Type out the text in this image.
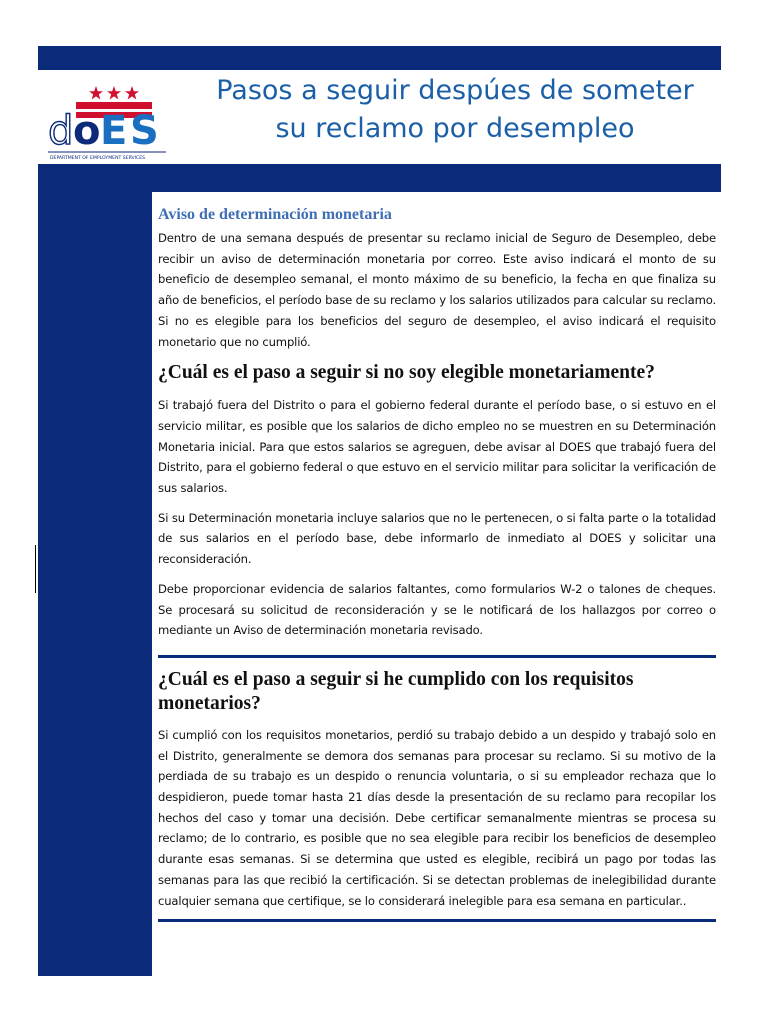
d o E S
DEPARTMENT OF EMPLOYMENT SERVICES
Pasos a seguir despúes de someter
su reclamo por desempleo
Aviso de determinación monetaria

Dentro de una semana después de presentar su reclamo inicial de Seguro de Desempleo, debe recibir un aviso de determinación monetaria por correo. Este aviso indicará el monto de su beneficio de desempleo semanal, el monto máximo de su beneficio, la fecha en que finaliza su año de beneficios, el período base de su reclamo y los salarios utilizados para calcular su reclamo. Si no es elegible para los beneficios del seguro de desempleo, el aviso indicará el requisito monetario que no cumplió.

¿Cuál es el paso a seguir si no soy elegible monetariamente?

Si trabajó fuera del Distrito o para el gobierno federal durante el período base, o si estuvo en el servicio militar, es posible que los salarios de dicho empleo no se muestren en su Determinación Monetaria inicial. Para que estos salarios se agreguen, debe avisar al DOES que trabajó fuera del Distrito, para el gobierno federal o que estuvo en el servicio militar para solicitar la verificación de sus salarios.

Si su Determinación monetaria incluye salarios que no le pertenecen, o si falta parte o la totalidad de sus salarios en el período base, debe informarlo de inmediato al DOES y solicitar una reconsideración.

Debe proporcionar evidencia de salarios faltantes, como formularios W-2 o talones de cheques. Se procesará su solicitud de reconsideración y se le notificará de los hallazgos por correo o mediante un Aviso de determinación monetaria revisado.

¿Cuál es el paso a seguir si he cumplido con los requisitos monetarios?

Si cumplió con los requisitos monetarios, perdió su trabajo debido a un despido y trabajó solo en el Distrito, generalmente se demora dos semanas para procesar su reclamo. Si su motivo de la perdiada de su trabajo es un despido o renuncia voluntaria, o si su empleador rechaza que lo despidieron, puede tomar hasta 21 días desde la presentación de su reclamo para recopilar los hechos del caso y tomar una decisión. Debe certificar semanalmente mientras se procesa su reclamo; de lo contrario, es posible que no sea elegible para recibir los beneficios de desempleo durante esas semanas. Si se determina que usted es elegible, recibirá un pago por todas las semanas para las que recibió la certificación. Si se detectan problemas de inelegibilidad durante cualquier semana que certifique, se lo considerará inelegible para esa semana en particular..
